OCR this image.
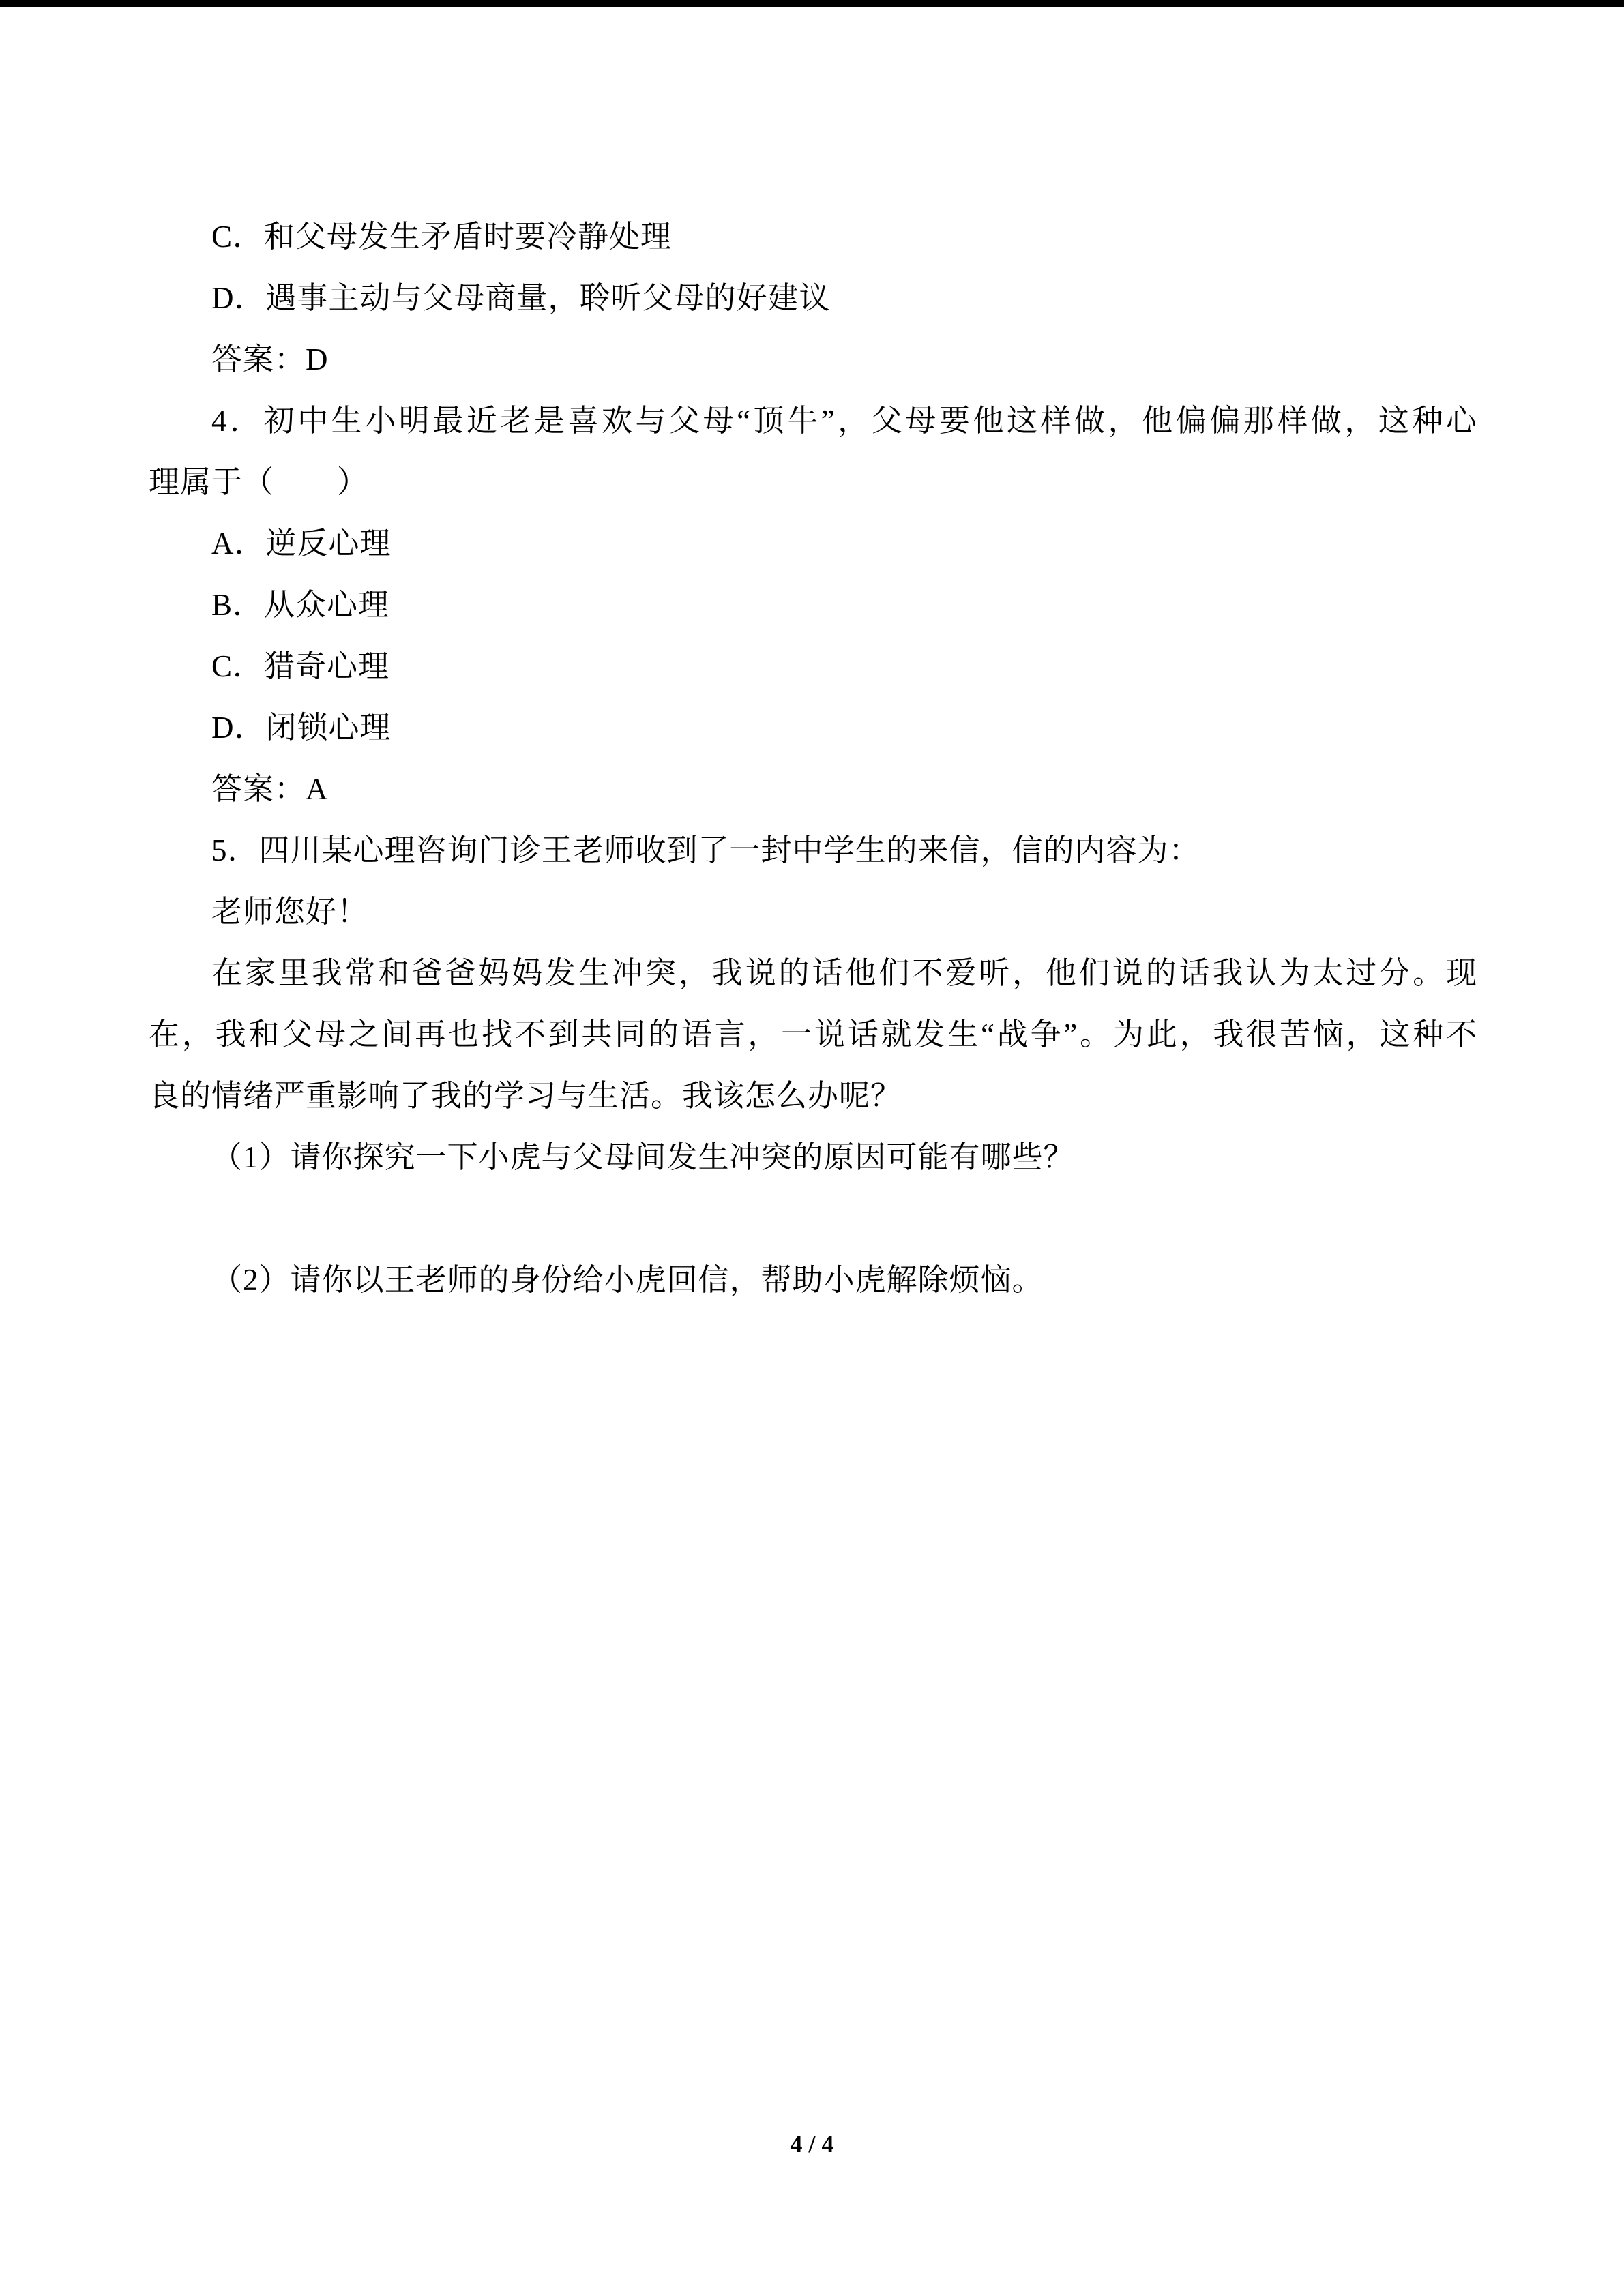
C．和父母发生矛盾时要冷静处理
D．遇事主动与父母商量，聆听父母的好建议
答案：D
4．初中生小明最近老是喜欢与父母“顶牛”，父母要他这样做，他偏偏那样做，这种心
理属于（　　）
A．逆反心理
B．从众心理
C．猎奇心理
D．闭锁心理
答案：A
5．四川某心理咨询门诊王老师收到了一封中学生的来信，信的内容为：
老师您好！
在家里我常和爸爸妈妈发生冲突，我说的话他们不爱听，他们说的话我认为太过分。现
在，我和父母之间再也找不到共同的语言，一说话就发生“战争”。为此，我很苦恼，这种不
良的情绪严重影响了我的学习与生活。我该怎么办呢？
（1）请你探究一下小虎与父母间发生冲突的原因可能有哪些？
（2）请你以王老师的身份给小虎回信，帮助小虎解除烦恼。
4 / 4
